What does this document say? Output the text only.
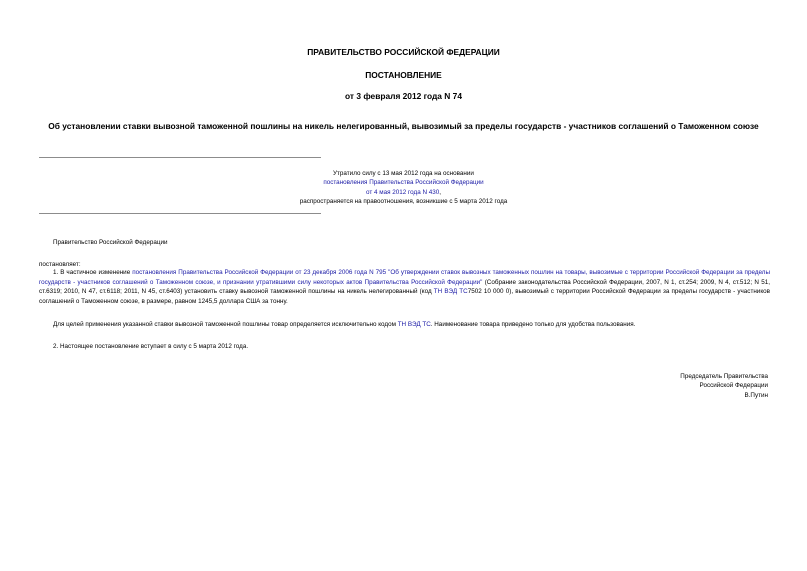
ПРАВИТЕЛЬСТВО РОССИЙСКОЙ ФЕДЕРАЦИИ
ПОСТАНОВЛЕНИЕ
от 3 февраля 2012 года N 74
Об установлении ставки вывозной таможенной пошлины на никель нелегированный, вывозимый за пределы государств - участников соглашений о Таможенном союзе
Утратило силу с 13 мая 2012 года на основании
постановления Правительства Российской Федерации
от 4 мая 2012 года N 430,
распространяется на правоотношения, возникшие с 5 марта 2012 года
Правительство Российской Федерации
постановляет:
1. В частичное изменение постановления Правительства Российской Федерации от 23 декабря 2006 года N 795 "Об утверждении ставок вывозных таможенных пошлин на товары, вывозимые с территории Российской Федерации за пределы государств - участников соглашений о Таможенном союзе, и признании утратившими силу некоторых актов Правительства Российской Федерации" (Собрание законодательства Российской Федерации, 2007, N 1, ст.254; 2009, N 4, ст.512; N 51, ст.6319; 2010, N 47, ст.6118; 2011, N 45, ст.6403) установить ставку вывозной таможенной пошлины на никель нелегированный (код ТН ВЭД ТС7502 10 000 0), вывозимый с территории Российской Федерации за пределы государств - участников соглашений о Таможенном союзе, в размере, равном 1245,5 доллара США за тонну.
Для целей применения указанной ставки вывозной таможенной пошлины товар определяется исключительно кодом ТН ВЭД ТС. Наименование товара приведено только для удобства пользования.
2. Настоящее постановление вступает в силу с 5 марта 2012 года.
Председатель Правительства
Российской Федерации
В.Путин
